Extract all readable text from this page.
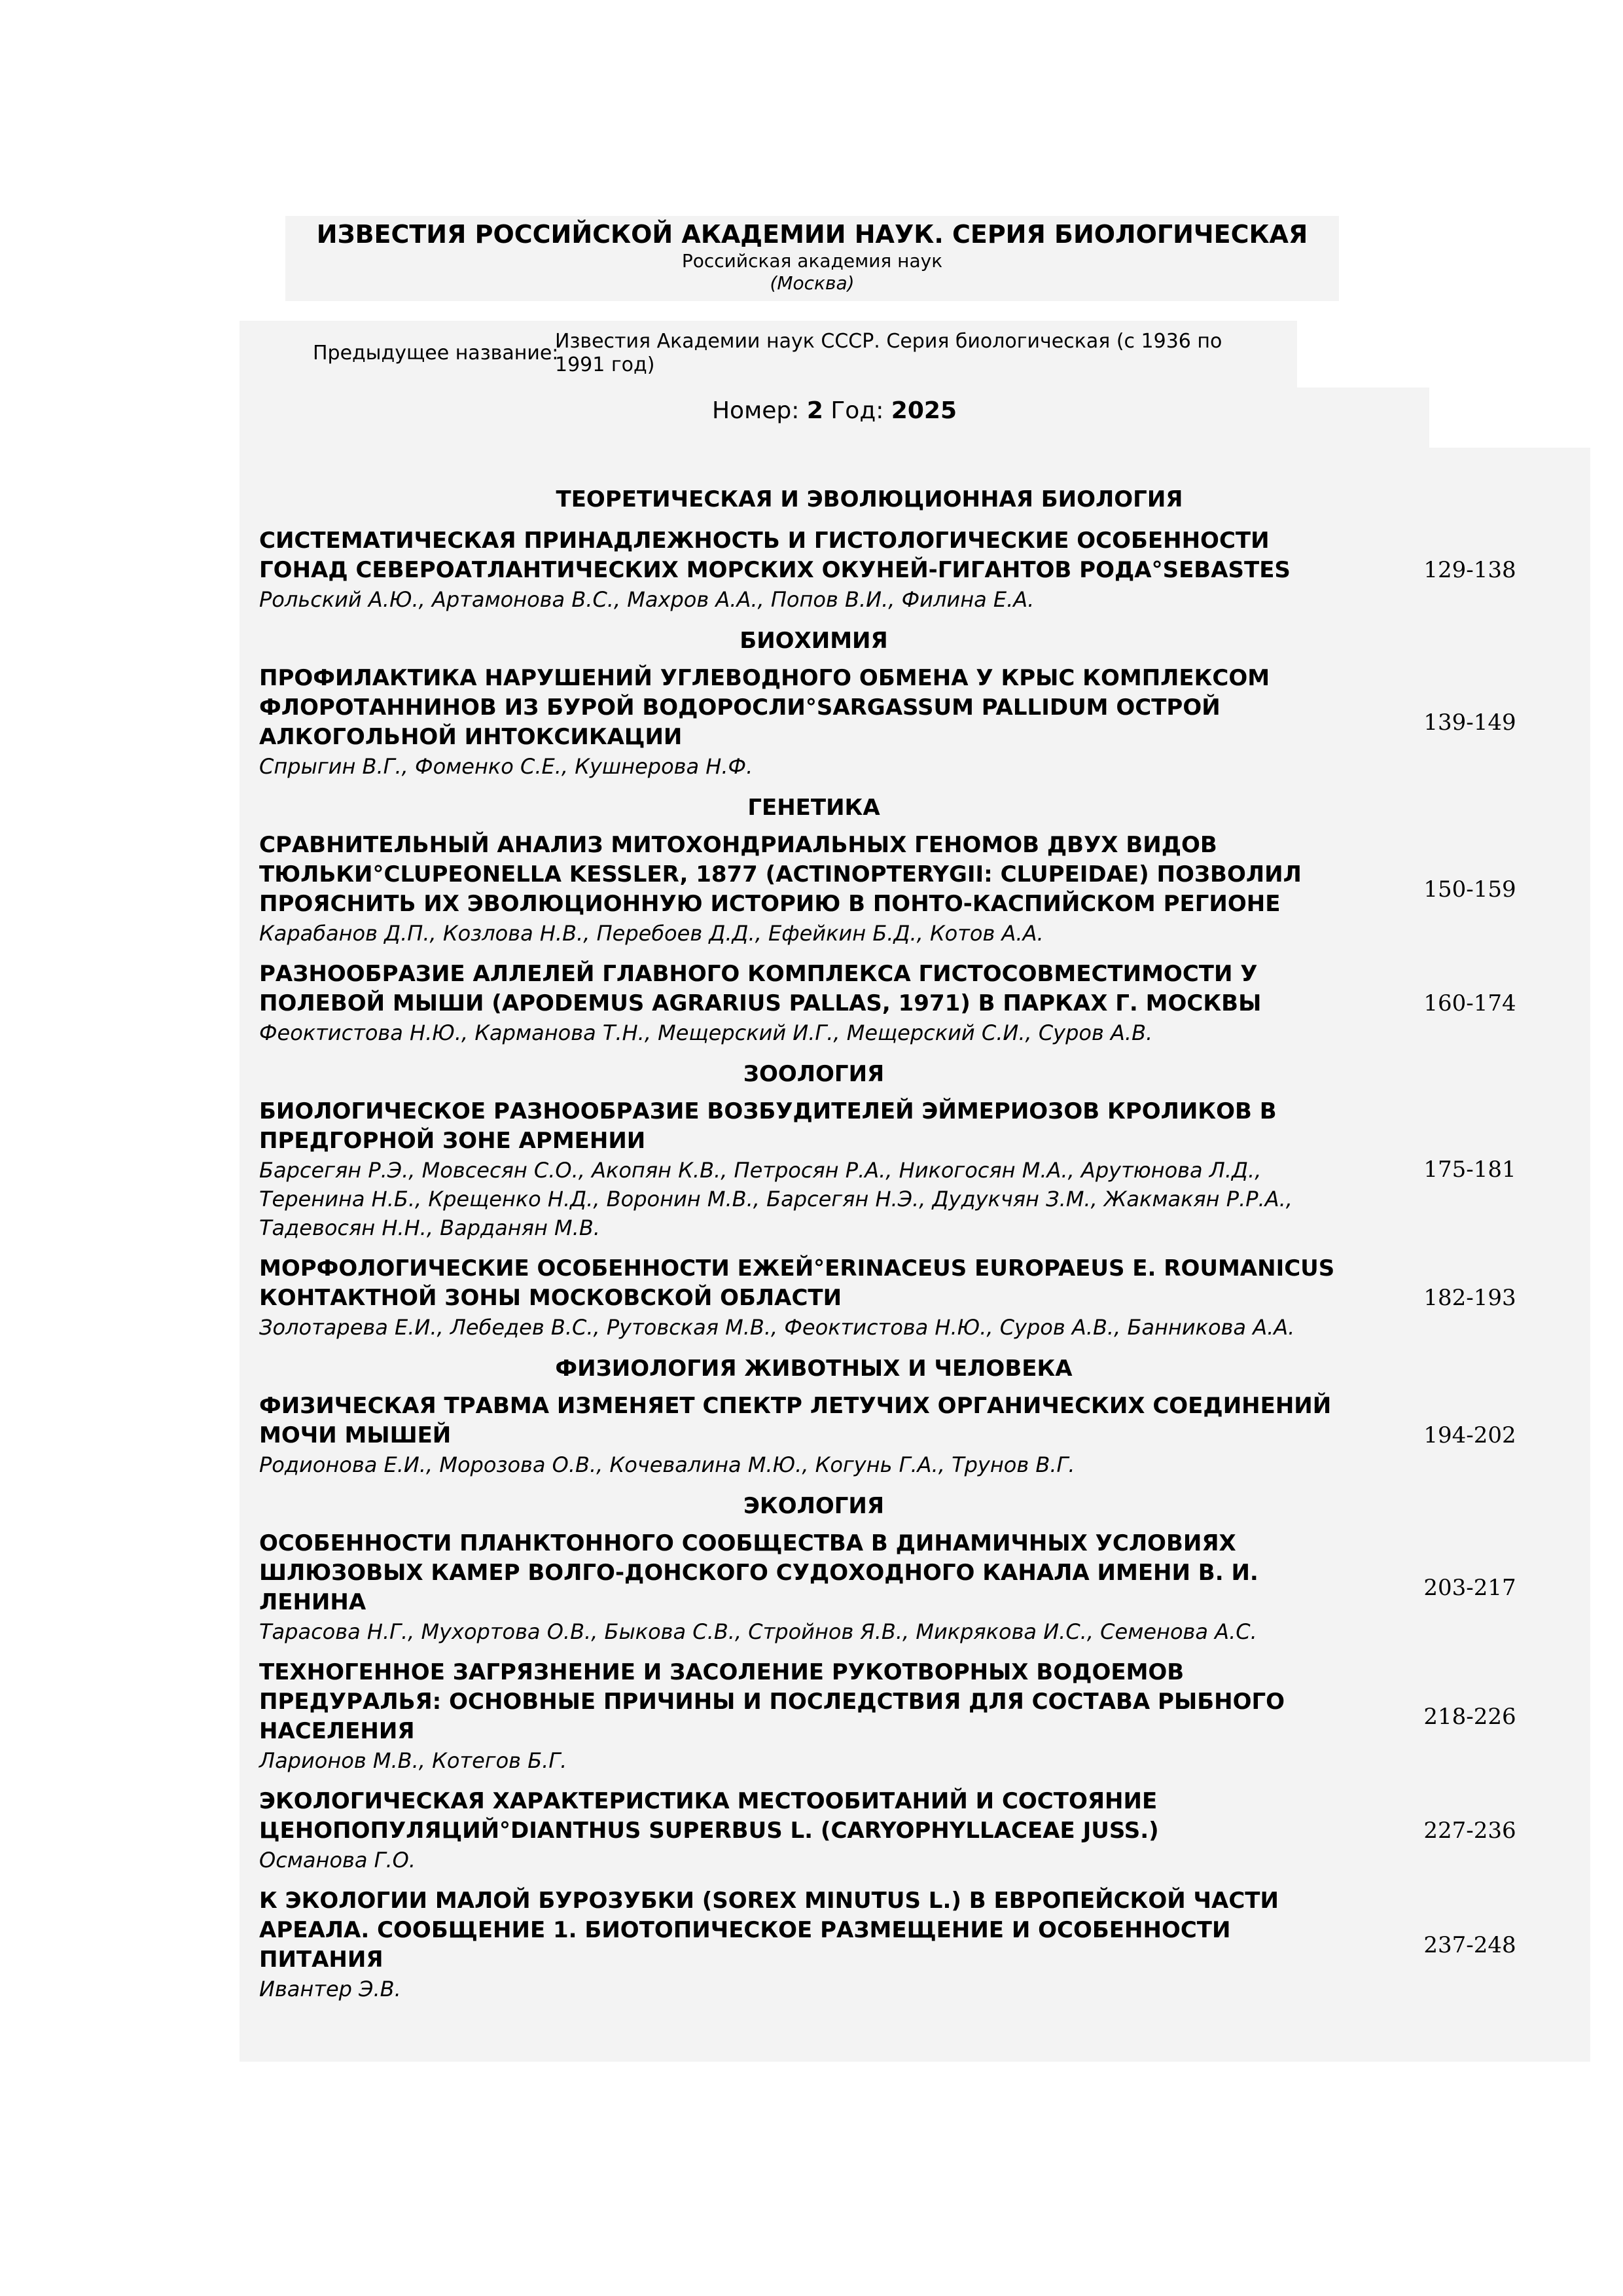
ИЗВЕСТИЯ РОССИЙСКОЙ АКАДЕМИИ НАУК. СЕРИЯ БИОЛОГИЧЕСКАЯ
Российская академия наук
(Москва)
Предыдущее название:
Известия Академии наук СССР. Серия биологическая (с 1936 по 1991 год)
Номер: 2 Год: 2025
ТЕОРЕТИЧЕСКАЯ И ЭВОЛЮЦИОННАЯ БИОЛОГИЯ
СИСТЕМАТИЧЕСКАЯ ПРИНАДЛЕЖНОСТЬ И ГИСТОЛОГИЧЕСКИЕ ОСОБЕННОСТИ ГОНАД СЕВЕРОАТЛАНТИЧЕСКИХ МОРСКИХ ОКУНЕЙ-ГИГАНТОВ РОДА°SEBASTES
Рольский А.Ю., Артамонова В.С., Махров А.А., Попов В.И., Филина Е.А.
129-138
БИОХИМИЯ
ПРОФИЛАКТИКА НАРУШЕНИЙ УГЛЕВОДНОГО ОБМЕНА У КРЫС КОМПЛЕКСОМ ФЛОРОТАННИНОВ ИЗ БУРОЙ ВОДОРОСЛИ°SARGASSUM PALLIDUM ОСТРОЙ АЛКОГОЛЬНОЙ ИНТОКСИКАЦИИ
Спрыгин В.Г., Фоменко С.Е., Кушнерова Н.Ф.
139-149
ГЕНЕТИКА
СРАВНИТЕЛЬНЫЙ АНАЛИЗ МИТОХОНДРИАЛЬНЫХ ГЕНОМОВ ДВУХ ВИДОВ ТЮЛЬКИ°CLUPEONELLA KESSLER, 1877 (ACTINOPTERYGII: CLUPEIDAE) ПОЗВОЛИЛ ПРОЯСНИТЬ ИХ ЭВОЛЮЦИОННУЮ ИСТОРИЮ В ПОНТО-КАСПИЙСКОМ РЕГИОНЕ
Карабанов Д.П., Козлова Н.В., Перебоев Д.Д., Ефейкин Б.Д., Котов А.А.
150-159
РАЗНООБРАЗИЕ АЛЛЕЛЕЙ ГЛАВНОГО КОМПЛЕКСА ГИСТОСОВМЕСТИМОСТИ У ПОЛЕВОЙ МЫШИ (APODEMUS AGRARIUS PALLAS, 1971) В ПАРКАХ Г. МОСКВЫ
Феоктистова Н.Ю., Карманова Т.Н., Мещерский И.Г., Мещерский С.И., Суров А.В.
160-174
ЗООЛОГИЯ
БИОЛОГИЧЕСКОЕ РАЗНООБРАЗИЕ ВОЗБУДИТЕЛЕЙ ЭЙМЕРИОЗОВ КРОЛИКОВ В ПРЕДГОРНОЙ ЗОНЕ АРМЕНИИ
Барсегян Р.Э., Мовсесян С.О., Акопян К.В., Петросян Р.А., Никогосян М.А., Арутюнова Л.Д., Теренина Н.Б., Крещенко Н.Д., Воронин М.В., Барсегян Н.Э., Дудукчян З.М., Жакмакян Р.Р.А., Тадевосян Н.Н., Варданян М.В.
175-181
МОРФОЛОГИЧЕСКИЕ ОСОБЕННОСТИ ЕЖЕЙ°ERINACEUS EUROPAEUS E. ROUMANICUS КОНТАКТНОЙ ЗОНЫ МОСКОВСКОЙ ОБЛАСТИ
Золотарева Е.И., Лебедев В.С., Рутовская М.В., Феоктистова Н.Ю., Суров А.В., Банникова А.А.
182-193
ФИЗИОЛОГИЯ ЖИВОТНЫХ И ЧЕЛОВЕКА
ФИЗИЧЕСКАЯ ТРАВМА ИЗМЕНЯЕТ СПЕКТР ЛЕТУЧИХ ОРГАНИЧЕСКИХ СОЕДИНЕНИЙ МОЧИ МЫШЕЙ
Родионова Е.И., Морозова О.В., Кочевалина М.Ю., Когунь Г.А., Трунов В.Г.
194-202
ЭКОЛОГИЯ
ОСОБЕННОСТИ ПЛАНКТОННОГО СООБЩЕСТВА В ДИНАМИЧНЫХ УСЛОВИЯХ ШЛЮЗОВЫХ КАМЕР ВОЛГО-ДОНСКОГО СУДОХОДНОГО КАНАЛА ИМЕНИ В. И. ЛЕНИНА
Тарасова Н.Г., Мухортова О.В., Быкова С.В., Стройнов Я.В., Микрякова И.С., Семенова А.С.
203-217
ТЕХНОГЕННОЕ ЗАГРЯЗНЕНИЕ И ЗАСОЛЕНИЕ РУКОТВОРНЫХ ВОДОЕМОВ ПРЕДУРАЛЬЯ: ОСНОВНЫЕ ПРИЧИНЫ И ПОСЛЕДСТВИЯ ДЛЯ СОСТАВА РЫБНОГО НАСЕЛЕНИЯ
Ларионов М.В., Котегов Б.Г.
218-226
ЭКОЛОГИЧЕСКАЯ ХАРАКТЕРИСТИКА МЕСТООБИТАНИЙ И СОСТОЯНИЕ ЦЕНОПОПУЛЯЦИЙ°DIANTHUS SUPERBUS L. (CARYOPHYLLACEAE JUSS.)
Османова Г.О.
227-236
К ЭКОЛОГИИ МАЛОЙ БУРОЗУБКИ (SOREX MINUTUS L.) В ЕВРОПЕЙСКОЙ ЧАСТИ АРЕАЛА. СООБЩЕНИЕ 1. БИОТОПИЧЕСКОЕ РАЗМЕЩЕНИЕ И ОСОБЕННОСТИ ПИТАНИЯ
Ивантер Э.В.
237-248
